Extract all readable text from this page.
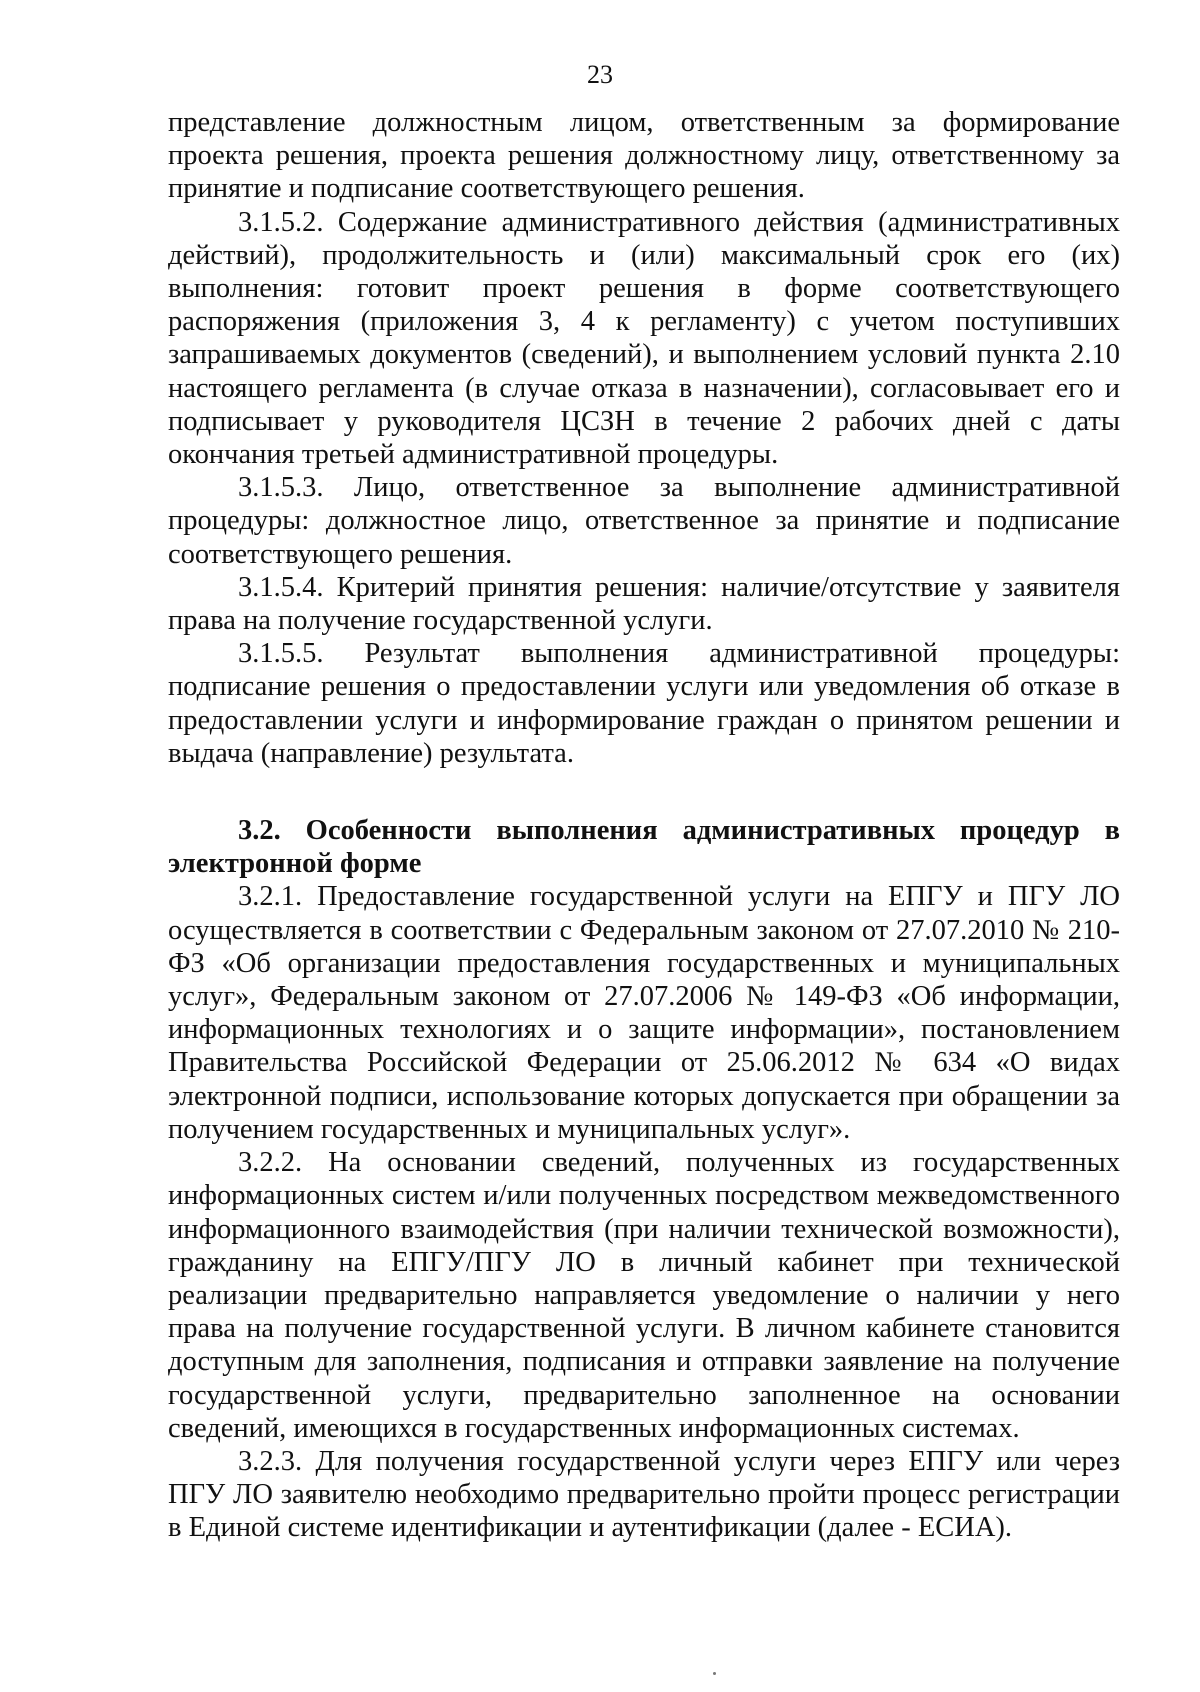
23

представление должностным лицом, ответственным за формирование проекта решения, проекта решения должностному лицу, ответственному за принятие и подписание соответствующего решения.

3.1.5.2. Содержание административного действия (административных действий), продолжительность и (или) максимальный срок его (их) выполнения: готовит проект решения в форме соответствующего распоряжения (приложения 3, 4 к регламенту) с учетом поступивших запрашиваемых документов (сведений), и выполнением условий пункта 2.10 настоящего регламента (в случае отказа в назначении), согласовывает его и подписывает у руководителя ЦСЗН в течение 2 рабочих дней с даты окончания третьей административной процедуры.

3.1.5.3. Лицо, ответственное за выполнение административной процедуры: должностное лицо, ответственное за принятие и подписание соответствующего решения.

3.1.5.4. Критерий принятия решения: наличие/отсутствие у заявителя права на получение государственной услуги.

3.1.5.5. Результат выполнения административной процедуры: подписание решения о предоставлении услуги или уведомления об отказе в предоставлении услуги и информирование граждан о принятом решении и выдача (направление) результата.

3.2. Особенности выполнения административных процедур в электронной форме

3.2.1. Предоставление государственной услуги на ЕПГУ и ПГУ ЛО осуществляется в соответствии с Федеральным законом от 27.07.2010 № 210-ФЗ «Об организации предоставления государственных и муниципальных услуг», Федеральным законом от 27.07.2006 № 149-ФЗ «Об информации, информационных технологиях и о защите информации», постановлением Правительства Российской Федерации от 25.06.2012 № 634 «О видах электронной подписи, использование которых допускается при обращении за получением государственных и муниципальных услуг».

3.2.2. На основании сведений, полученных из государственных информационных систем и/или полученных посредством межведомственного информационного взаимодействия (при наличии технической возможности), гражданину на ЕПГУ/ПГУ ЛО в личный кабинет при технической реализации предварительно направляется уведомление о наличии у него права на получение государственной услуги. В личном кабинете становится доступным для заполнения, подписания и отправки заявление на получение государственной услуги, предварительно заполненное на основании сведений, имеющихся в государственных информационных системах.

3.2.3. Для получения государственной услуги через ЕПГУ или через ПГУ ЛО заявителю необходимо предварительно пройти процесс регистрации в Единой системе идентификации и аутентификации (далее - ЕСИА).
